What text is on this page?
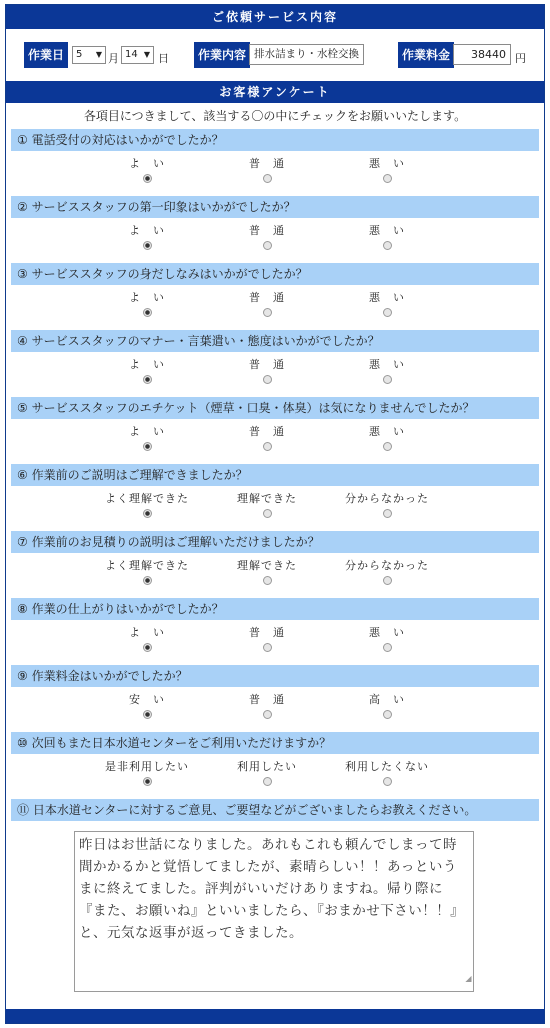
ご依頼サービス内容
作業日	5 ▼ 月 14 ▼ 日	作業内容 排水詰まり・水栓交換	作業料金	38440 円
お客様アンケート
各項目につきまして、該当する〇の中にチェックをお願いいたします。
① 電話受付の対応はいかがでしたか？
よ　い	普　通	悪　い
② サービススタッフの第一印象はいかがでしたか？
よ　い	普　通	悪　い
③ サービススタッフの身だしなみはいかがでしたか？
よ　い	普　通	悪　い
④ サービススタッフのマナー・言葉遣い・態度はいかがでしたか？
よ　い	普　通	悪　い
⑤ サービススタッフのエチケット（煙草・口臭・体臭）は気になりませんでしたか？
よ　い	普　通	悪　い
⑥ 作業前のご説明はご理解できましたか？
よく理解できた	理解できた	分からなかった
⑦ 作業前のお見積りの説明はご理解いただけましたか？
よく理解できた	理解できた	分からなかった
⑧ 作業の仕上がりはいかがでしたか？
よ　い	普　通	悪　い
⑨ 作業料金はいかがでしたか？
安　い	普　通	高　い
⑩ 次回もまた日本水道センターをご利用いただけますか？
是非利用したい	利用したい	利用したくない
⑪ 日本水道センターに対するご意見、ご要望などがございましたらお教えください。
昨日はお世話になりました。あれもこれも頼んでしまって時間かかるかと覚悟してましたが、素晴らしい！！あっというまに終えてました。評判がいいだけありますね。帰り際に『また、お願いね』といいましたら、『おまかせ下さい！！』　と、元気な返事が返ってきました。
◢
